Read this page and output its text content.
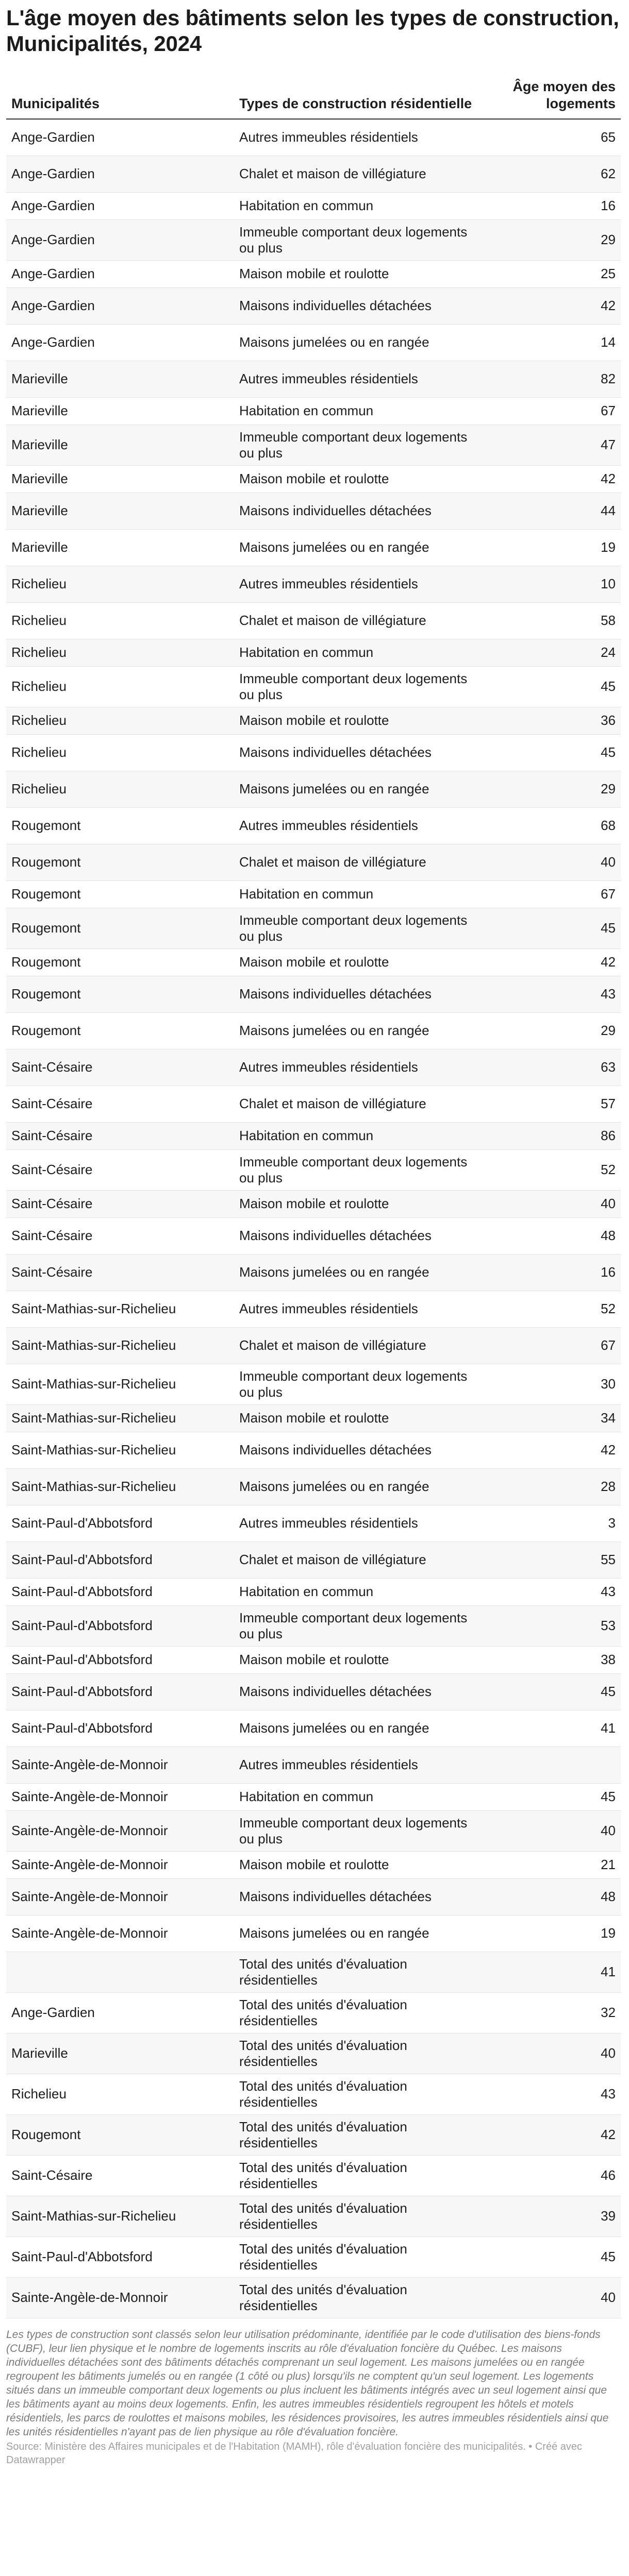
L'âge moyen des bâtiments selon les types de construction, Municipalités, 2024
Municipalités	Types de construction résidentielle	Âge moyen des logements
Ange-Gardien	Autres immeubles résidentiels	65
Ange-Gardien	Chalet et maison de villégiature	62
Ange-Gardien	Habitation en commun	16
Ange-Gardien	Immeuble comportant deux logements ou plus	29
Ange-Gardien	Maison mobile et roulotte	25
Ange-Gardien	Maisons individuelles détachées	42
Ange-Gardien	Maisons jumelées ou en rangée	14
Marieville	Autres immeubles résidentiels	82
Marieville	Habitation en commun	67
Marieville	Immeuble comportant deux logements ou plus	47
Marieville	Maison mobile et roulotte	42
Marieville	Maisons individuelles détachées	44
Marieville	Maisons jumelées ou en rangée	19
Richelieu	Autres immeubles résidentiels	10
Richelieu	Chalet et maison de villégiature	58
Richelieu	Habitation en commun	24
Richelieu	Immeuble comportant deux logements ou plus	45
Richelieu	Maison mobile et roulotte	36
Richelieu	Maisons individuelles détachées	45
Richelieu	Maisons jumelées ou en rangée	29
Rougemont	Autres immeubles résidentiels	68
Rougemont	Chalet et maison de villégiature	40
Rougemont	Habitation en commun	67
Rougemont	Immeuble comportant deux logements ou plus	45
Rougemont	Maison mobile et roulotte	42
Rougemont	Maisons individuelles détachées	43
Rougemont	Maisons jumelées ou en rangée	29
Saint-Césaire	Autres immeubles résidentiels	63
Saint-Césaire	Chalet et maison de villégiature	57
Saint-Césaire	Habitation en commun	86
Saint-Césaire	Immeuble comportant deux logements ou plus	52
Saint-Césaire	Maison mobile et roulotte	40
Saint-Césaire	Maisons individuelles détachées	48
Saint-Césaire	Maisons jumelées ou en rangée	16
Saint-Mathias-sur-Richelieu	Autres immeubles résidentiels	52
Saint-Mathias-sur-Richelieu	Chalet et maison de villégiature	67
Saint-Mathias-sur-Richelieu	Immeuble comportant deux logements ou plus	30
Saint-Mathias-sur-Richelieu	Maison mobile et roulotte	34
Saint-Mathias-sur-Richelieu	Maisons individuelles détachées	42
Saint-Mathias-sur-Richelieu	Maisons jumelées ou en rangée	28
Saint-Paul-d'Abbotsford	Autres immeubles résidentiels	3
Saint-Paul-d'Abbotsford	Chalet et maison de villégiature	55
Saint-Paul-d'Abbotsford	Habitation en commun	43
Saint-Paul-d'Abbotsford	Immeuble comportant deux logements ou plus	53
Saint-Paul-d'Abbotsford	Maison mobile et roulotte	38
Saint-Paul-d'Abbotsford	Maisons individuelles détachées	45
Saint-Paul-d'Abbotsford	Maisons jumelées ou en rangée	41
Sainte-Angèle-de-Monnoir	Autres immeubles résidentiels	
Sainte-Angèle-de-Monnoir	Habitation en commun	45
Sainte-Angèle-de-Monnoir	Immeuble comportant deux logements ou plus	40
Sainte-Angèle-de-Monnoir	Maison mobile et roulotte	21
Sainte-Angèle-de-Monnoir	Maisons individuelles détachées	48
Sainte-Angèle-de-Monnoir	Maisons jumelées ou en rangée	19
	Total des unités d'évaluation résidentielles	41
Ange-Gardien	Total des unités d'évaluation résidentielles	32
Marieville	Total des unités d'évaluation résidentielles	40
Richelieu	Total des unités d'évaluation résidentielles	43
Rougemont	Total des unités d'évaluation résidentielles	42
Saint-Césaire	Total des unités d'évaluation résidentielles	46
Saint-Mathias-sur-Richelieu	Total des unités d'évaluation résidentielles	39
Saint-Paul-d'Abbotsford	Total des unités d'évaluation résidentielles	45
Sainte-Angèle-de-Monnoir	Total des unités d'évaluation résidentielles	40
Les types de construction sont classés selon leur utilisation prédominante, identifiée par le code d'utilisation des biens-fonds (CUBF), leur lien physique et le nombre de logements inscrits au rôle d'évaluation foncière du Québec. Les maisons individuelles détachées sont des bâtiments détachés comprenant un seul logement. Les maisons jumelées ou en rangée regroupent les bâtiments jumelés ou en rangée (1 côté ou plus) lorsqu'ils ne comptent qu'un seul logement. Les logements situés dans un immeuble comportant deux logements ou plus incluent les bâtiments intégrés avec un seul logement ainsi que les bâtiments ayant au moins deux logements. Enfin, les autres immeubles résidentiels regroupent les hôtels et motels résidentiels, les parcs de roulottes et maisons mobiles, les résidences provisoires, les autres immeubles résidentiels ainsi que les unités résidentielles n'ayant pas de lien physique au rôle d'évaluation foncière.
Source: Ministère des Affaires municipales et de l'Habitation (MAMH), rôle d'évaluation foncière des municipalités. • Créé avec Datawrapper
